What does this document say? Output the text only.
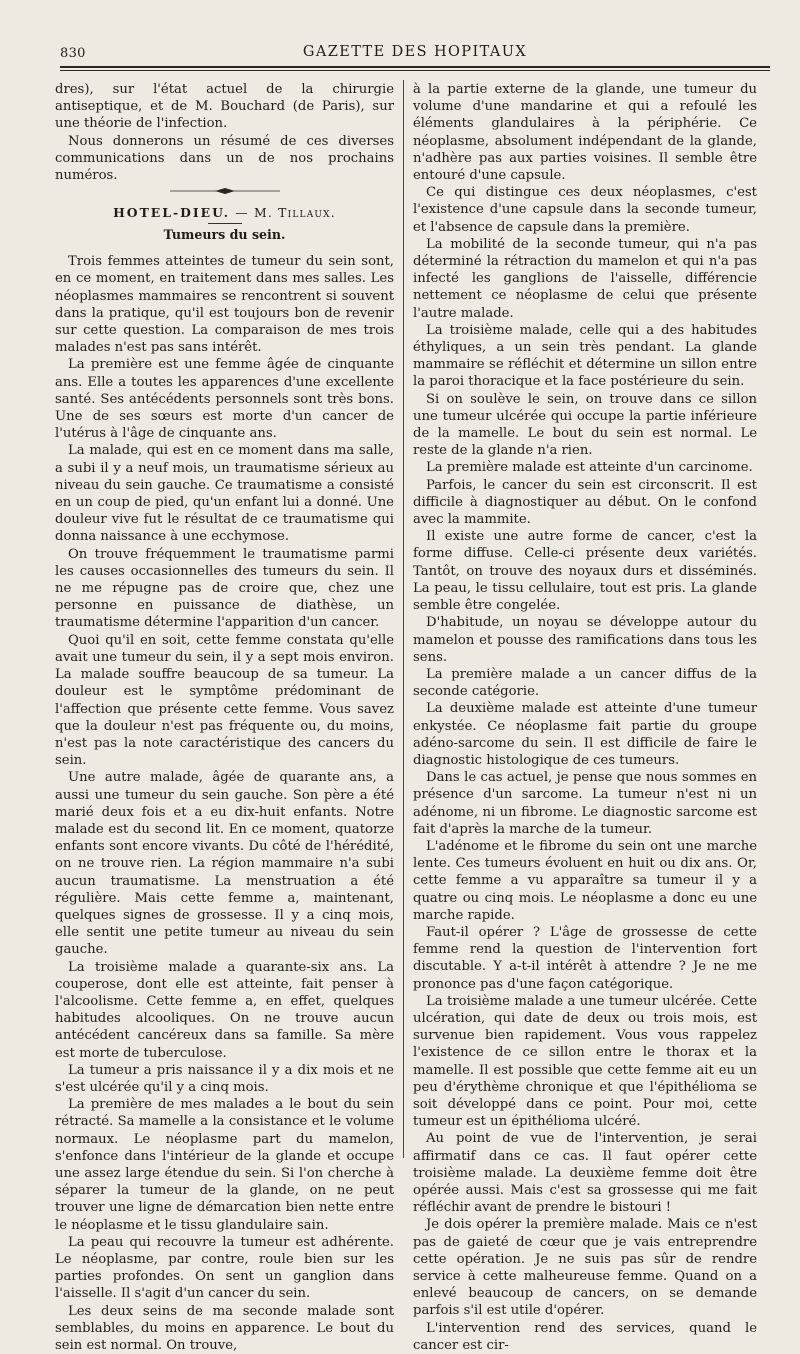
830	GAZETTE DES HOPITAUX

dres), sur l'état actuel de la chirurgie antiseptique, et de M. Bouchard (de Paris), sur une théorie de l'infection.

Nous donnerons un résumé de ces diverses communications dans un de nos prochains numéros.

HOTEL-DIEU. — M. Tillaux.
Tumeurs du sein.

Trois femmes atteintes de tumeur du sein sont, en ce moment, en traitement dans mes salles. Les néoplasmes mammaires se rencontrent si souvent dans la pratique, qu'il est toujours bon de revenir sur cette question. La comparaison de mes trois malades n'est pas sans intérêt.

La première est une femme âgée de cinquante ans. Elle a toutes les apparences d'une excellente santé. Ses antécédents personnels sont très bons. Une de ses sœurs est morte d'un cancer de l'utérus à l'âge de cinquante ans.

La malade, qui est en ce moment dans ma salle, a subi il y a neuf mois, un traumatisme sérieux au niveau du sein gauche. Ce traumatisme a consisté en un coup de pied, qu'un enfant lui a donné. Une douleur vive fut le résultat de ce traumatisme qui donna naissance à une ecchymose.

On trouve fréquemment le traumatisme parmi les causes occasionnelles des tumeurs du sein. Il ne me répugne pas de croire que, chez une personne en puissance de diathèse, un traumatisme détermine l'apparition d'un cancer.

Quoi qu'il en soit, cette femme constata qu'elle avait une tumeur du sein, il y a sept mois environ. La malade souffre beaucoup de sa tumeur. La douleur est le symptôme prédominant de l'affection que présente cette femme. Vous savez que la douleur n'est pas fréquente ou, du moins, n'est pas la note caractéristique des cancers du sein.

Une autre malade, âgée de quarante ans, a aussi une tumeur du sein gauche. Son père a été marié deux fois et a eu dix-huit enfants. Notre malade est du second lit. En ce moment, quatorze enfants sont encore vivants. Du côté de l'hérédité, on ne trouve rien. La région mammaire n'a subi aucun traumatisme. La menstruation a été régulière. Mais cette femme a, maintenant, quelques signes de grossesse. Il y a cinq mois, elle sentit une petite tumeur au niveau du sein gauche.

La troisième malade a quarante-six ans. La couperose, dont elle est atteinte, fait penser à l'alcoolisme. Cette femme a, en effet, quelques habitudes alcooliques. On ne trouve aucun antécédent cancéreux dans sa famille. Sa mère est morte de tuberculose.

La tumeur a pris naissance il y a dix mois et ne s'est ulcérée qu'il y a cinq mois.

La première de mes malades a le bout du sein rétracté. Sa mamelle a la consistance et le volume normaux. Le néoplasme part du mamelon, s'enfonce dans l'intérieur de la glande et occupe une assez large étendue du sein. Si l'on cherche à séparer la tumeur de la glande, on ne peut trouver une ligne de démarcation bien nette entre le néoplasme et le tissu glandulaire sain.

La peau qui recouvre la tumeur est adhérente. Le néoplasme, par contre, roule bien sur les parties profondes. On sent un ganglion dans l'aisselle. Il s'agit d'un cancer du sein.

Les deux seins de ma seconde malade sont semblables, du moins en apparence. Le bout du sein est normal. On trouve,

à la partie externe de la glande, une tumeur du volume d'une mandarine et qui a refoulé les éléments glandulaires à la périphérie. Ce néoplasme, absolument indépendant de la glande, n'adhère pas aux parties voisines. Il semble être entouré d'une capsule.

Ce qui distingue ces deux néoplasmes, c'est l'existence d'une capsule dans la seconde tumeur, et l'absence de capsule dans la première.

La mobilité de la seconde tumeur, qui n'a pas déterminé la rétraction du mamelon et qui n'a pas infecté les ganglions de l'aisselle, différencie nettement ce néoplasme de celui que présente l'autre malade.

La troisième malade, celle qui a des habitudes éthyliques, a un sein très pendant. La glande mammaire se réfléchit et détermine un sillon entre la paroi thoracique et la face postérieure du sein.

Si on soulève le sein, on trouve dans ce sillon une tumeur ulcérée qui occupe la partie inférieure de la mamelle. Le bout du sein est normal. Le reste de la glande n'a rien.

La première malade est atteinte d'un carcinome.

Parfois, le cancer du sein est circonscrit. Il est difficile à diagnostiquer au début. On le confond avec la mammite.

Il existe une autre forme de cancer, c'est la forme diffuse. Celle-ci présente deux variétés. Tantôt, on trouve des noyaux durs et disséminés. La peau, le tissu cellulaire, tout est pris. La glande semble être congelée.

D'habitude, un noyau se développe autour du mamelon et pousse des ramifications dans tous les sens.

La première malade a un cancer diffus de la seconde catégorie.

La deuxième malade est atteinte d'une tumeur enkystée. Ce néoplasme fait partie du groupe adéno-sarcome du sein. Il est difficile de faire le diagnostic histologique de ces tumeurs.

Dans le cas actuel, je pense que nous sommes en présence d'un sarcome. La tumeur n'est ni un adénome, ni un fibrome. Le diagnostic sarcome est fait d'après la marche de la tumeur.

L'adénome et le fibrome du sein ont une marche lente. Ces tumeurs évoluent en huit ou dix ans. Or, cette femme a vu apparaître sa tumeur il y a quatre ou cinq mois. Le néoplasme a donc eu une marche rapide.

Faut-il opérer ? L'âge de grossesse de cette femme rend la question de l'intervention fort discutable. Y a-t-il intérêt à attendre ? Je ne me prononce pas d'une façon catégorique.

La troisième malade a une tumeur ulcérée. Cette ulcération, qui date de deux ou trois mois, est survenue bien rapidement. Vous vous rappelez l'existence de ce sillon entre le thorax et la mamelle. Il est possible que cette femme ait eu un peu d'érythème chronique et que l'épithélioma se soit développé dans ce point. Pour moi, cette tumeur est un épithélioma ulcéré.

Au point de vue de l'intervention, je serai affirmatif dans ce cas. Il faut opérer cette troisième malade. La deuxième femme doit être opérée aussi. Mais c'est sa grossesse qui me fait réfléchir avant de prendre le bistouri !

Je dois opérer la première malade. Mais ce n'est pas de gaieté de cœur que je vais entreprendre cette opération. Je ne suis pas sûr de rendre service à cette malheureuse femme. Quand on a enlevé beaucoup de cancers, on se demande parfois s'il est utile d'opérer.

L'intervention rend des services, quand le cancer est cir-
